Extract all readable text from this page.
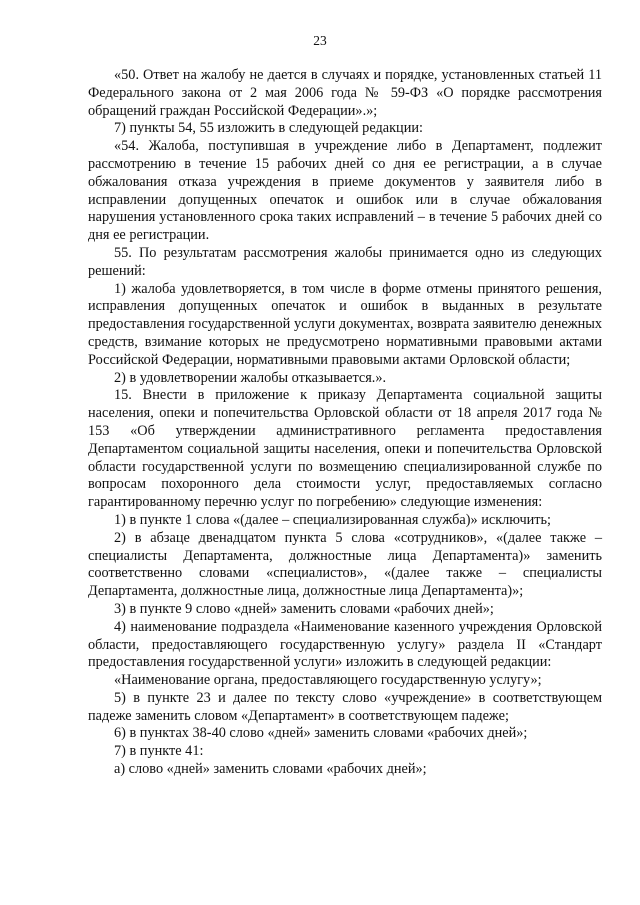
23

«50. Ответ на жалобу не дается в случаях и порядке, установленных статьей 11 Федерального закона от 2 мая 2006 года № 59-ФЗ «О порядке рассмотрения обращений граждан Российской Федерации».»;

7) пункты 54, 55 изложить в следующей редакции:

«54. Жалоба, поступившая в учреждение либо в Департамент, подлежит рассмотрению в течение 15 рабочих дней со дня ее регистрации, а в случае обжалования отказа учреждения в приеме документов у заявителя либо в исправлении допущенных опечаток и ошибок или в случае обжалования нарушения установленного срока таких исправлений – в течение 5 рабочих дней со дня ее регистрации.

55. По результатам рассмотрения жалобы принимается одно из следующих решений:

1) жалоба удовлетворяется, в том числе в форме отмены принятого решения, исправления допущенных опечаток и ошибок в выданных в результате предоставления государственной услуги документах, возврата заявителю денежных средств, взимание которых не предусмотрено нормативными правовыми актами Российской Федерации, нормативными правовыми актами Орловской области;

2) в удовлетворении жалобы отказывается.».

15. Внести в приложение к приказу Департамента социальной защиты населения, опеки и попечительства Орловской области от 18 апреля 2017 года № 153 «Об утверждении административного регламента предоставления Департаментом социальной защиты населения, опеки и попечительства Орловской области государственной услуги по возмещению специализированной службе по вопросам похоронного дела стоимости услуг, предоставляемых согласно гарантированному перечню услуг по погребению» следующие изменения:

1) в пункте 1 слова «(далее – специализированная служба)» исключить;

2) в абзаце двенадцатом пункта 5 слова «сотрудников», «(далее также – специалисты Департамента, должностные лица Департамента)» заменить соответственно словами «специалистов», «(далее также – специалисты Департамента, должностные лица, должностные лица Департамента)»;

3) в пункте 9 слово «дней» заменить словами «рабочих дней»;

4) наименование подраздела «Наименование казенного учреждения Орловской области, предоставляющего государственную услугу» раздела II «Стандарт предоставления государственной услуги» изложить в следующей редакции:

«Наименование органа, предоставляющего государственную услугу»;

5) в пункте 23 и далее по тексту слово «учреждение» в соответствующем падеже заменить словом «Департамент» в соответствующем падеже;

6) в пунктах 38-40 слово «дней» заменить словами «рабочих дней»;

7) в пункте 41:

а) слово «дней» заменить словами «рабочих дней»;
